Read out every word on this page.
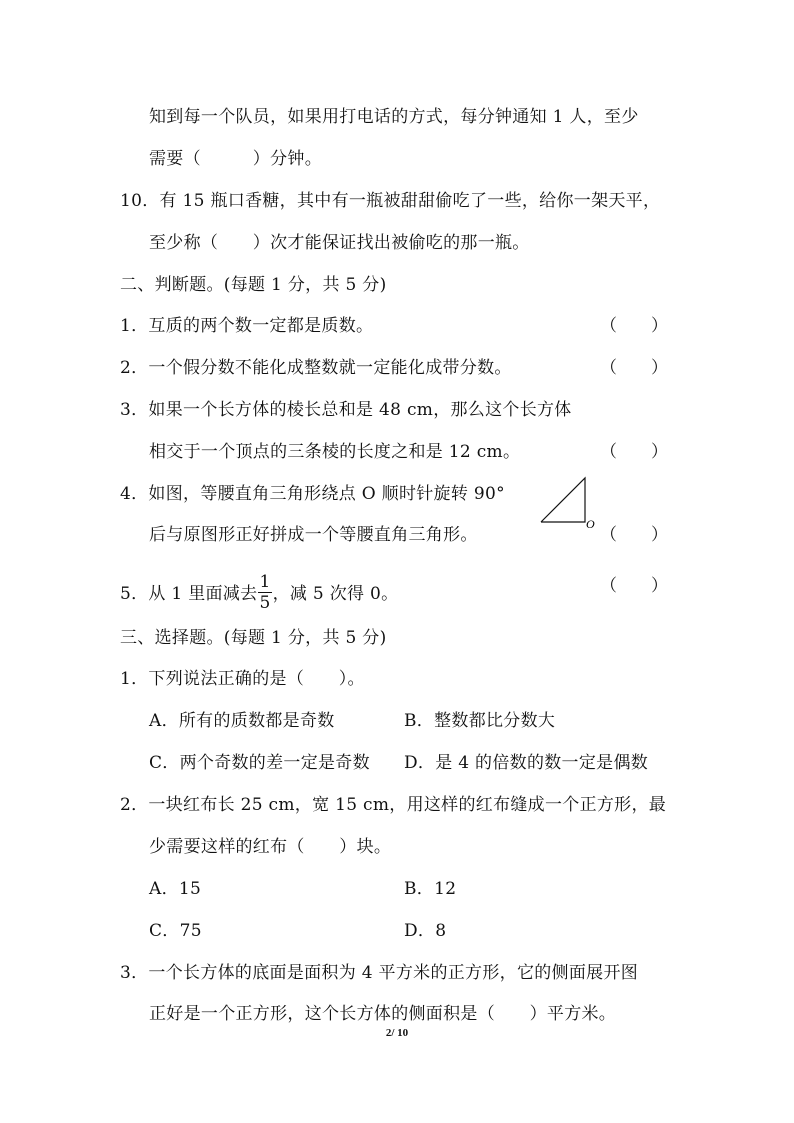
知到每一个队员，如果用打电话的方式，每分钟通知 1 人，至少
需要（　　　）分钟。
10．有 15 瓶口香糖，其中有一瓶被甜甜偷吃了一些，给你一架天平，
至少称（　　）次才能保证找出被偷吃的那一瓶。
二、判断题。(每题 1 分，共 5 分)
1．互质的两个数一定都是质数。	（　　）
2．一个假分数不能化成整数就一定能化成带分数。	（　　）
3．如果一个长方体的棱长总和是 48 cm，那么这个长方体
相交于一个顶点的三条棱的长度之和是 12 cm。	（　　）
4．如图，等腰直角三角形绕点 O 顺时针旋转 90°
O
后与原图形正好拼成一个等腰直角三角形。	（　　）
5．从 1 里面减去 $\frac{1}{5}$ ，减 5 次得 0。	（　　）
三、选择题。(每题 1 分，共 5 分)
1．下列说法正确的是（　　）。
A．所有的质数都是奇数	B．整数都比分数大
C．两个奇数的差一定是奇数 D．是 4 的倍数的数一定是偶数
2．一块红布长 25 cm，宽 15 cm，用这样的红布缝成一个正方形，最
少需要这样的红布（　　）块。
A．15	B．12
C．75	D．8
3．一个长方体的底面是面积为 4 平方米的正方形，它的侧面展开图
正好是一个正方形，这个长方体的侧面积是（　　）平方米。
2/ 10
